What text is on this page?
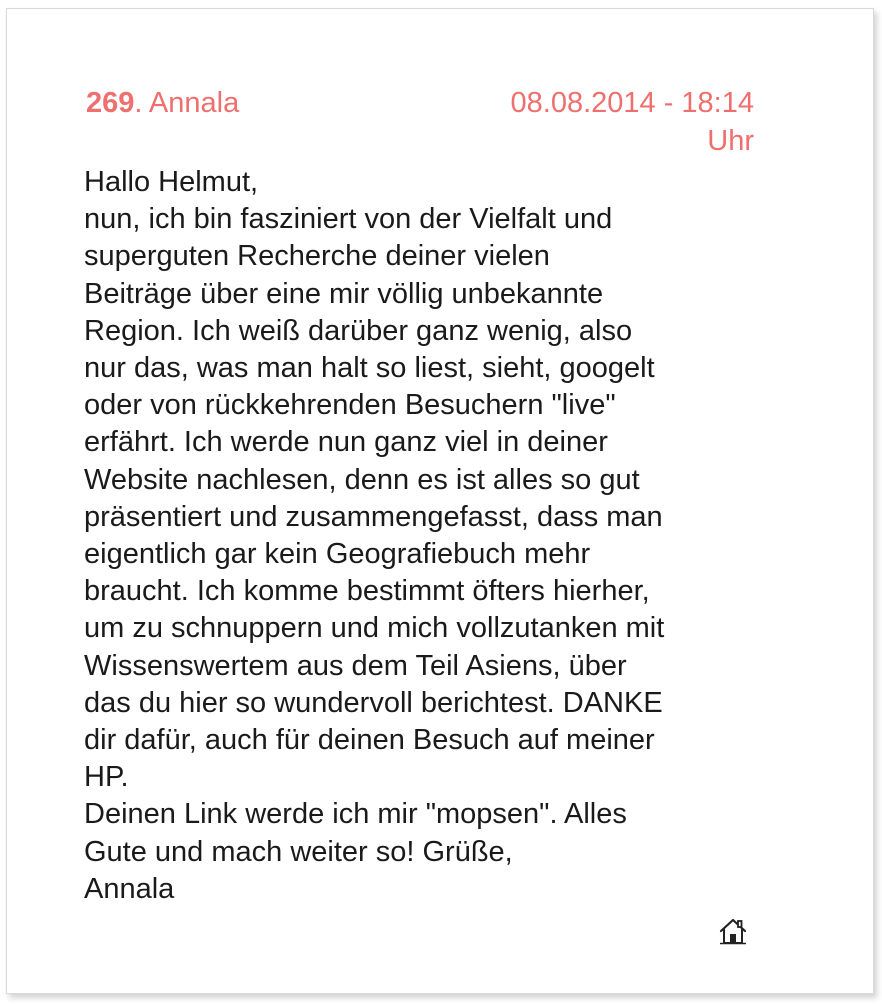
269. Annala	08.08.2014 - 18:14
Uhr
Hallo Helmut,
nun, ich bin fasziniert von der Vielfalt und
superguten Recherche deiner vielen
Beiträge über eine mir völlig unbekannte
Region. Ich weiß darüber ganz wenig, also
nur das, was man halt so liest, sieht, googelt
oder von rückkehrenden Besuchern "live"
erfährt. Ich werde nun ganz viel in deiner
Website nachlesen, denn es ist alles so gut
präsentiert und zusammengefasst, dass man
eigentlich gar kein Geografiebuch mehr
braucht. Ich komme bestimmt öfters hierher,
um zu schnuppern und mich vollzutanken mit
Wissenswertem aus dem Teil Asiens, über
das du hier so wundervoll berichtest. DANKE
dir dafür, auch für deinen Besuch auf meiner
HP.
Deinen Link werde ich mir "mopsen". Alles
Gute und mach weiter so! Grüße,
Annala
